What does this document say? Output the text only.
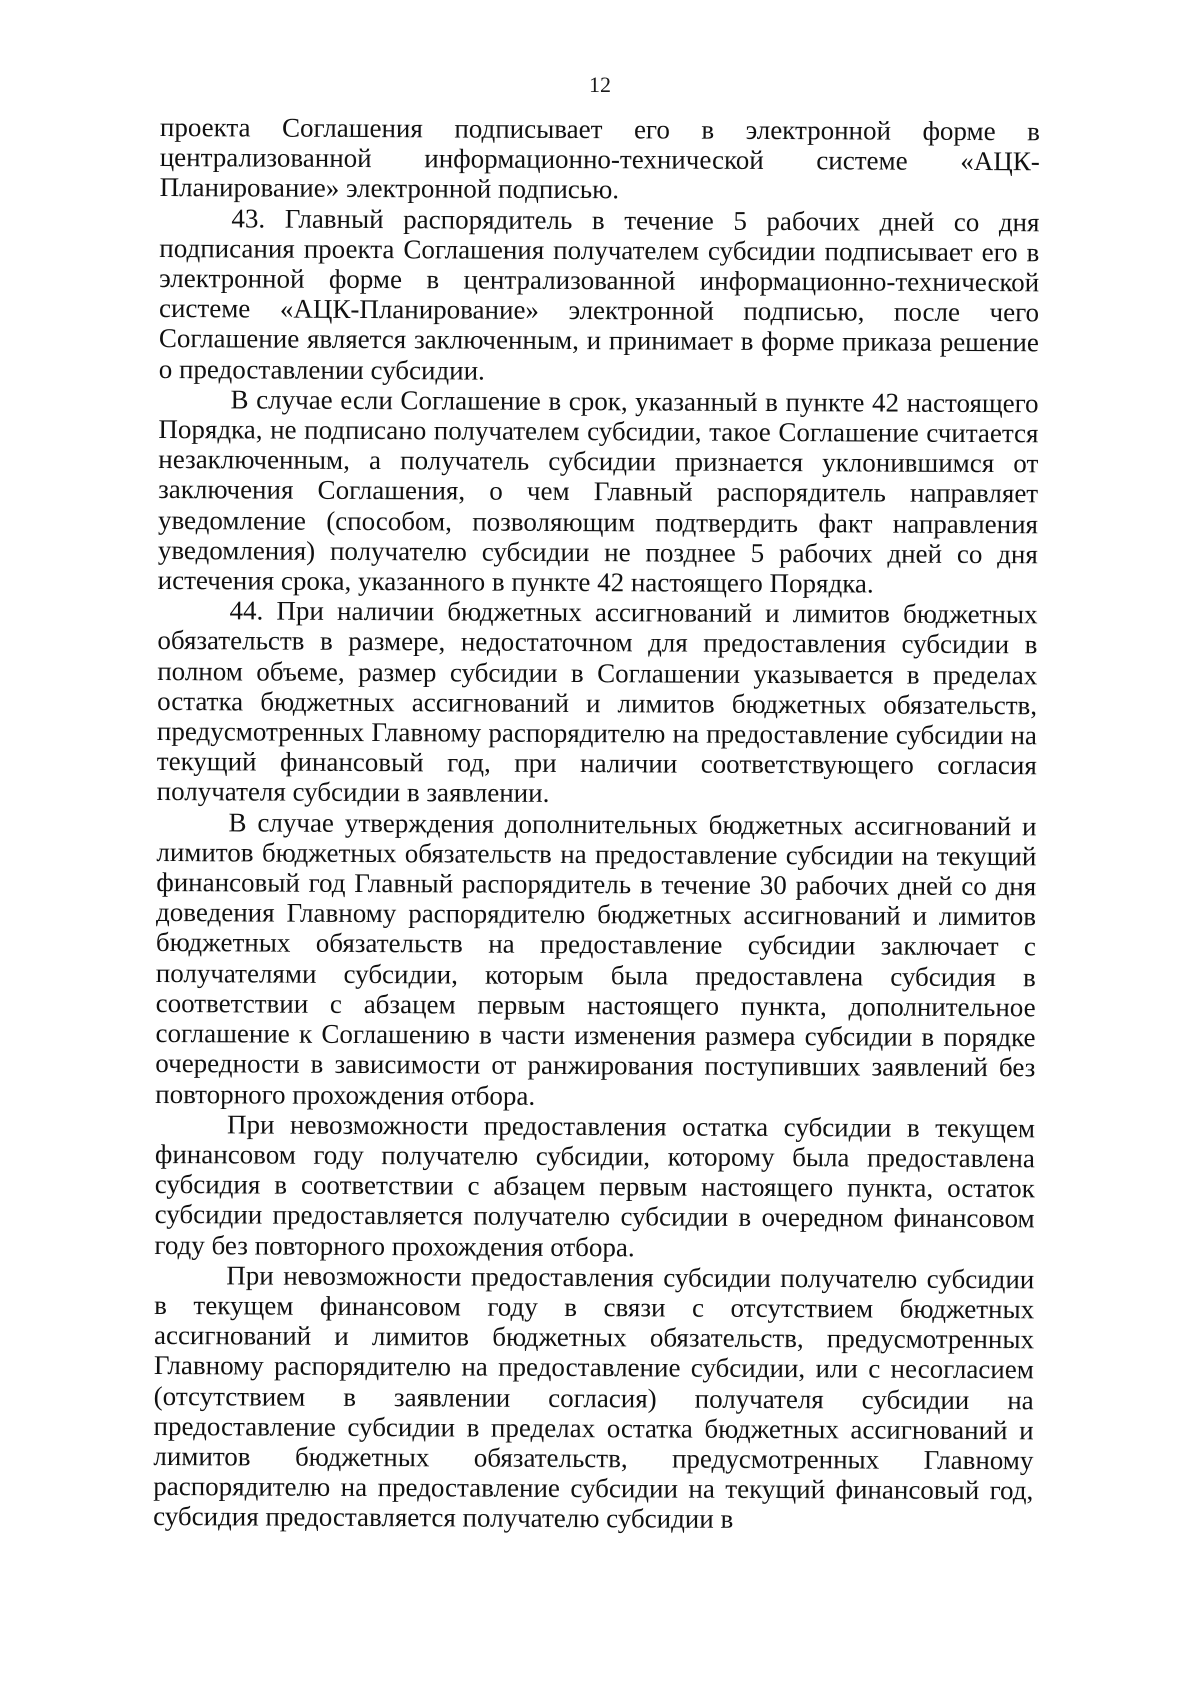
12

проекта Соглашения подписывает его в электронной форме в централизованной информационно-технической системе «АЦК-Планирование» электронной подписью.

43. Главный распорядитель в течение 5 рабочих дней со дня подписания проекта Соглашения получателем субсидии подписывает его в электронной форме в централизованной информационно-технической системе «АЦК-Планирование» электронной подписью, после чего Соглашение является заключенным, и принимает в форме приказа решение о предоставлении субсидии.

В случае если Соглашение в срок, указанный в пункте 42 настоящего Порядка, не подписано получателем субсидии, такое Соглашение считается незаключенным, а получатель субсидии признается уклонившимся от заключения Соглашения, о чем Главный распорядитель направляет уведомление (способом, позволяющим подтвердить факт направления уведомления) получателю субсидии не позднее 5 рабочих дней со дня истечения срока, указанного в пункте 42 настоящего Порядка.

44. При наличии бюджетных ассигнований и лимитов бюджетных обязательств в размере, недостаточном для предоставления субсидии в полном объеме, размер субсидии в Соглашении указывается в пределах остатка бюджетных ассигнований и лимитов бюджетных обязательств, предусмотренных Главному распорядителю на предоставление субсидии на текущий финансовый год, при наличии соответствующего согласия получателя субсидии в заявлении.

В случае утверждения дополнительных бюджетных ассигнований и лимитов бюджетных обязательств на предоставление субсидии на текущий финансовый год Главный распорядитель в течение 30 рабочих дней со дня доведения Главному распорядителю бюджетных ассигнований и лимитов бюджетных обязательств на предоставление субсидии заключает с получателями субсидии, которым была предоставлена субсидия в соответствии с абзацем первым настоящего пункта, дополнительное соглашение к Соглашению в части изменения размера субсидии в порядке очередности в зависимости от ранжирования поступивших заявлений без повторного прохождения отбора.

При невозможности предоставления остатка субсидии в текущем финансовом году получателю субсидии, которому была предоставлена субсидия в соответствии с абзацем первым настоящего пункта, остаток субсидии предоставляется получателю субсидии в очередном финансовом году без повторного прохождения отбора.

При невозможности предоставления субсидии получателю субсидии в текущем финансовом году в связи с отсутствием бюджетных ассигнований и лимитов бюджетных обязательств, предусмотренных Главному распорядителю на предоставление субсидии, или с несогласием (отсутствием в заявлении согласия) получателя субсидии на предоставление субсидии в пределах остатка бюджетных ассигнований и лимитов бюджетных обязательств, предусмотренных Главному распорядителю на предоставление субсидии на текущий финансовый год, субсидия предоставляется получателю субсидии в
